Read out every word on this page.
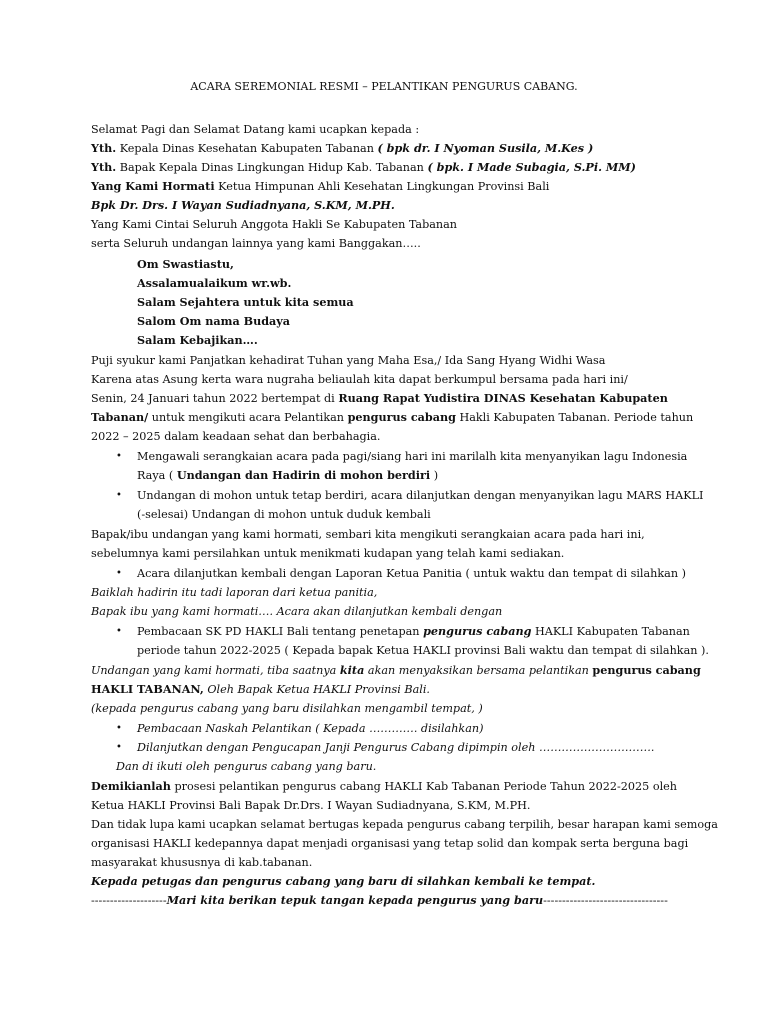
ACARA SEREMONIAL RESMI – PELANTIKAN PENGURUS CABANG.
Selamat Pagi dan Selamat Datang kami ucapkan kepada :
Yth. Kepala Dinas Kesehatan Kabupaten Tabanan ( bpk dr. I Nyoman Susila, M.Kes )
Yth. Bapak Kepala Dinas Lingkungan Hidup Kab. Tabanan ( bpk. I Made Subagia, S.Pi. MM)
Yang Kami Hormati Ketua Himpunan Ahli Kesehatan Lingkungan Provinsi Bali
Bpk Dr. Drs. I Wayan Sudiadnyana, S.KM, M.PH.
Yang Kami Cintai Seluruh Anggota Hakli Se Kabupaten Tabanan
serta Seluruh undangan lainnya yang kami Banggakan…..
Om Swastiastu,
Assalamualaikum wr.wb.
Salam Sejahtera untuk kita semua
Salom Om nama Budaya
Salam Kebajikan….
Puji syukur kami Panjatkan kehadirat Tuhan yang Maha Esa,/ Ida Sang Hyang Widhi Wasa
Karena atas Asung kerta wara nugraha beliaulah kita dapat berkumpul bersama pada hari ini/
Senin, 24 Januari tahun 2022 bertempat di Ruang Rapat Yudistira DINAS Kesehatan Kabupaten
Tabanan/ untuk mengikuti acara Pelantikan pengurus cabang Hakli Kabupaten Tabanan. Periode tahun
2022 – 2025 dalam keadaan sehat dan berbahagia.
• Mengawali serangkaian acara pada pagi/siang hari ini marilalh kita menyanyikan lagu Indonesia
Raya ( Undangan dan Hadirin di mohon berdiri )
• Undangan di mohon untuk tetap berdiri, acara dilanjutkan dengan menyanyikan lagu MARS HAKLI
(-selesai) Undangan di mohon untuk duduk kembali
Bapak/ibu undangan yang kami hormati, sembari kita mengikuti serangkaian acara pada hari ini,
sebelumnya kami persilahkan untuk menikmati kudapan yang telah kami sediakan.
• Acara dilanjutkan kembali dengan Laporan Ketua Panitia ( untuk waktu dan tempat di silahkan )
Baiklah hadirin itu tadi laporan dari ketua panitia,
Bapak ibu yang kami hormati…. Acara akan dilanjutkan kembali dengan
• Pembacaan SK PD HAKLI Bali tentang penetapan pengurus cabang HAKLI Kabupaten Tabanan
periode tahun 2022-2025 ( Kepada bapak Ketua HAKLI provinsi Bali waktu dan tempat di silahkan ).
Undangan yang kami hormati, tiba saatnya kita akan menyaksikan bersama pelantikan pengurus cabang
HAKLI TABANAN, Oleh Bapak Ketua HAKLI Provinsi Bali.
(kepada pengurus cabang yang baru disilahkan mengambil tempat, )
• Pembacaan Naskah Pelantikan ( Kepada …………. disilahkan)
• Dilanjutkan dengan Pengucapan Janji Pengurus Cabang dipimpin oleh ………………………….
Dan di ikuti oleh pengurus cabang yang baru.
Demikianlah prosesi pelantikan pengurus cabang HAKLI Kab Tabanan Periode Tahun 2022-2025 oleh
Ketua HAKLI Provinsi Bali Bapak Dr.Drs. I Wayan Sudiadnyana, S.KM, M.PH.
Dan tidak lupa kami ucapkan selamat bertugas kepada pengurus cabang terpilih, besar harapan kami semoga
organisasi HAKLI kedepannya dapat menjadi organisasi yang tetap solid dan kompak serta berguna bagi
masyarakat khususnya di kab.tabanan.
Kepada petugas dan pengurus cabang yang baru di silahkan kembali ke tempat.
--------------------Mari kita berikan tepuk tangan kepada pengurus yang baru---------------------------------
